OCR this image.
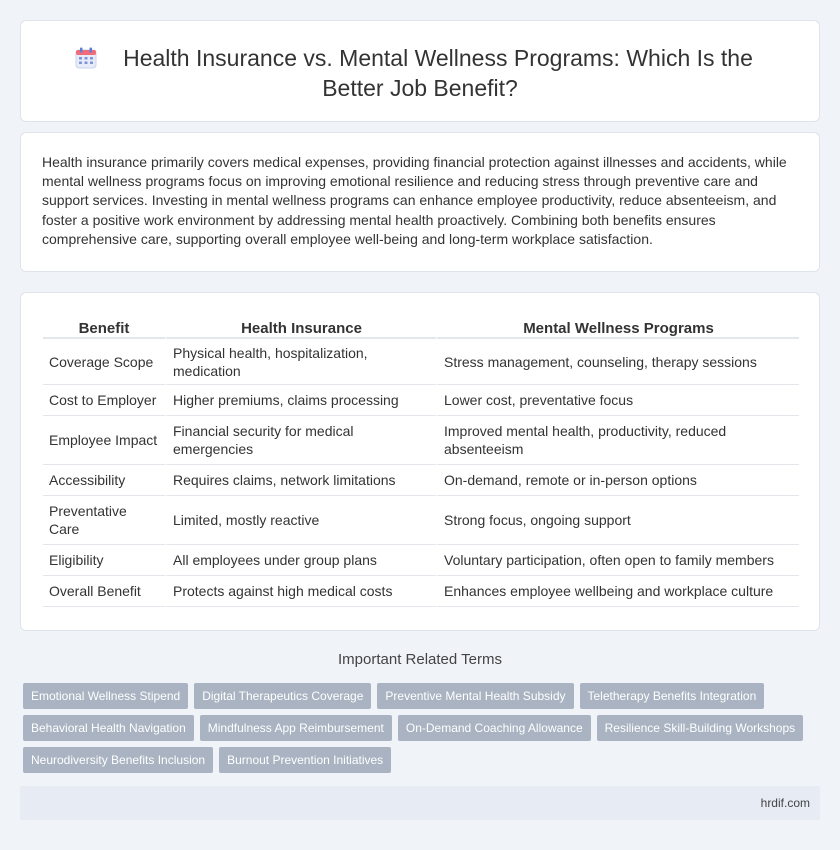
Health Insurance vs. Mental Wellness Programs: Which Is the
Better Job Benefit?

Health insurance primarily covers medical expenses, providing financial protection against illnesses and accidents, while mental wellness programs focus on improving emotional resilience and reducing stress through preventive care and support services. Investing in mental wellness programs can enhance employee productivity, reduce absenteeism, and foster a positive work environment by addressing mental health proactively. Combining both benefits ensures comprehensive care, supporting overall employee well-being and long-term workplace satisfaction.

Benefit	Health Insurance	Mental Wellness Programs
Coverage Scope	Physical health, hospitalization, medication	Stress management, counseling, therapy sessions
Cost to Employer	Higher premiums, claims processing	Lower cost, preventative focus
Employee Impact	Financial security for medical emergencies	Improved mental health, productivity, reduced absenteeism
Accessibility	Requires claims, network limitations	On-demand, remote or in-person options
Preventative Care	Limited, mostly reactive	Strong focus, ongoing support
Eligibility	All employees under group plans	Voluntary participation, often open to family members
Overall Benefit	Protects against high medical costs	Enhances employee wellbeing and workplace culture
Important Related Terms
Emotional Wellness Stipend	Digital Therapeutics Coverage	Preventive Mental Health Subsidy	Teletherapy Benefits Integration
Behavioral Health Navigation	Mindfulness App Reimbursement	On-Demand Coaching Allowance	Resilience Skill-Building Workshops
Neurodiversity Benefits Inclusion	Burnout Prevention Initiatives
hrdif.com
